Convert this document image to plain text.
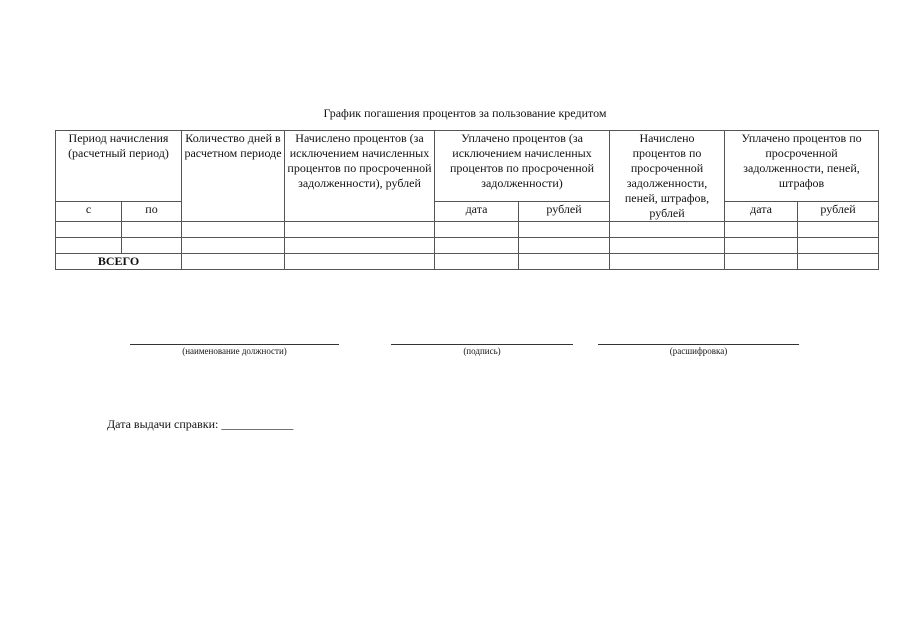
График погашения процентов за пользование кредитом
Период начисления (расчетный период)		Количество дней в расчетном периоде	Начислено процентов (за исключением начисленных процентов по просроченной задолженности), рублей	Уплачено процентов (за исключением начисленных процентов по просроченной задолженности)		Начислено процентов по просроченной задолженности, пеней, штрафов, рублей	Уплачено процентов по просроченной задолженности, пеней, штрафов	
с	по			дата	рублей		дата	рублей

ВСЕГО								
(наименование должности)	(подпись)	(расшифровка)
Дата выдачи справки: ____________
